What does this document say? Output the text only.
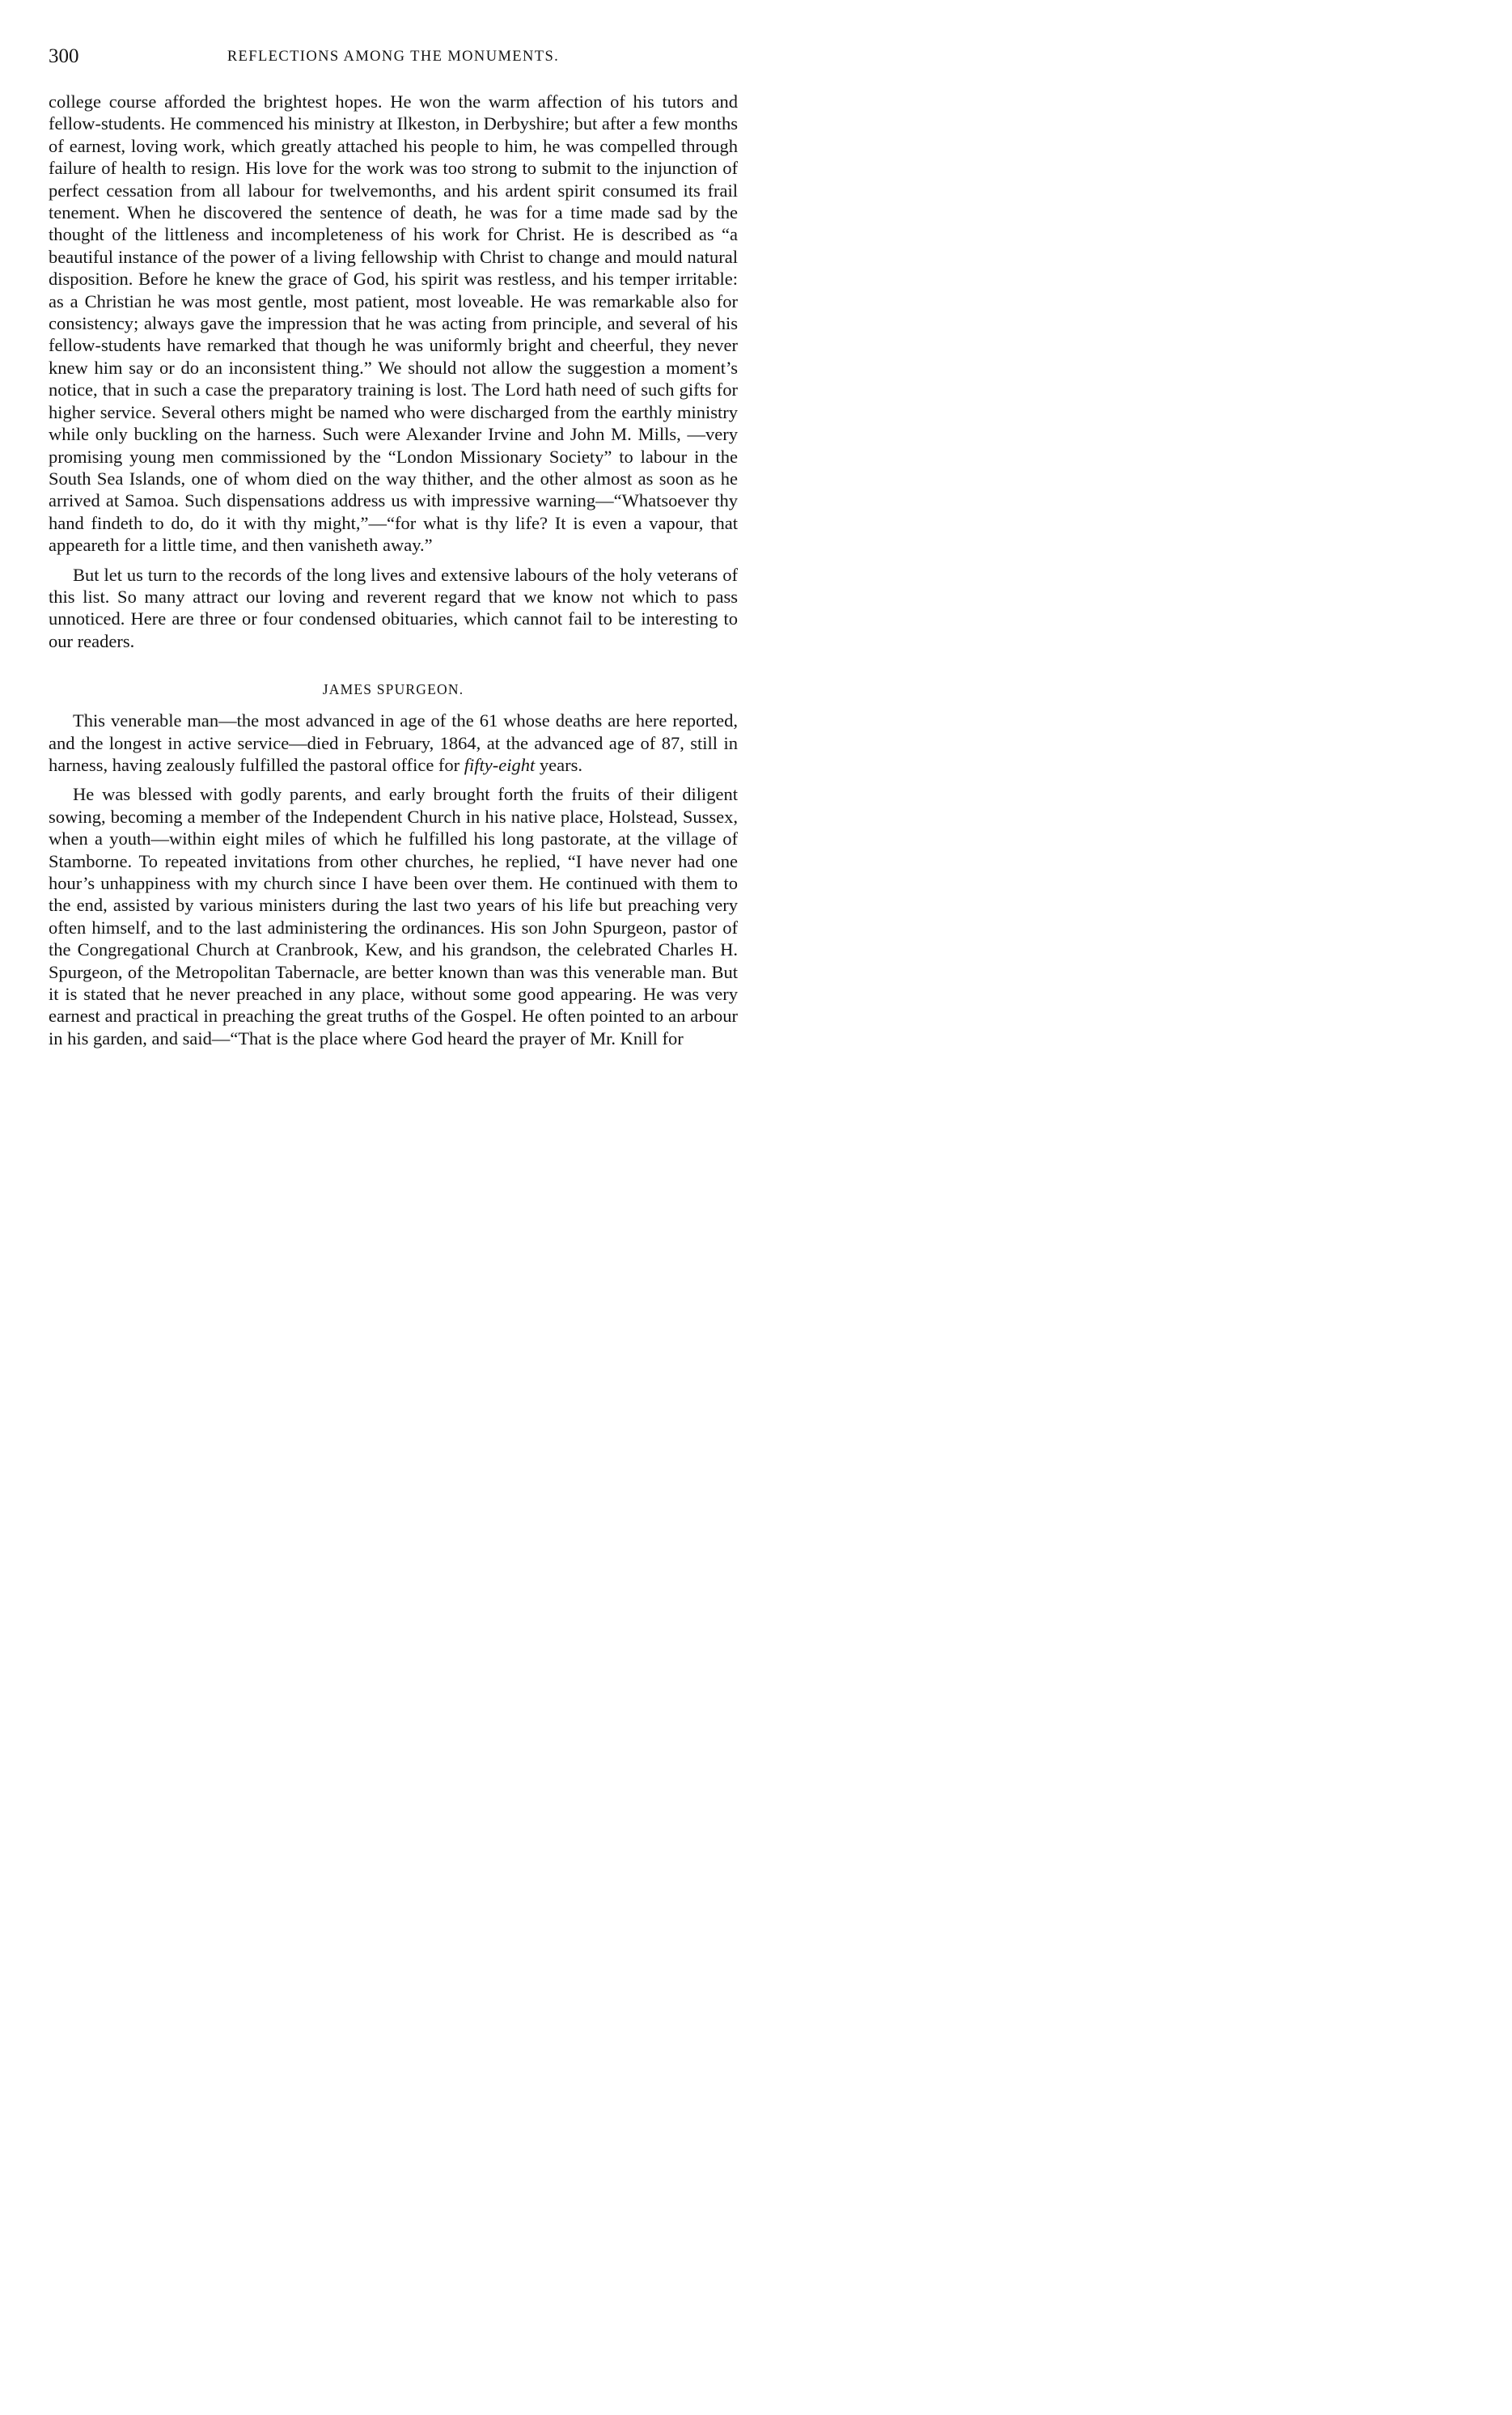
300	REFLECTIONS AMONG THE MONUMENTS.

college course afforded the brightest hopes. He won the warm affection of his tutors and fellow-students. He commenced his ministry at Ilkeston, in Derbyshire; but after a few months of earnest, loving work, which greatly attached his people to him, he was compelled through failure of health to resign. His love for the work was too strong to submit to the injunction of perfect cessation from all labour for twelvemonths, and his ardent spirit consumed its frail tenement. When he discovered the sentence of death, he was for a time made sad by the thought of the littleness and incompleteness of his work for Christ. He is described as “a beautiful instance of the power of a living fellowship with Christ to change and mould natural disposition. Before he knew the grace of God, his spirit was restless, and his temper irritable: as a Christian he was most gentle, most patient, most loveable. He was remarkable also for consistency; always gave the impression that he was acting from principle, and several of his fellow-students have remarked that though he was uniformly bright and cheerful, they never knew him say or do an inconsistent thing.” We should not allow the suggestion a moment’s notice, that in such a case the preparatory training is lost. The Lord hath need of such gifts for higher service. Several others might be named who were discharged from the earthly ministry while only buckling on the harness. Such were Alexander Irvine and John M. Mills, —very promising young men commissioned by the “London Missionary Society” to labour in the South Sea Islands, one of whom died on the way thither, and the other almost as soon as he arrived at Samoa. Such dispensations address us with impressive warning—“Whatsoever thy hand findeth to do, do it with thy might,”—“for what is thy life? It is even a vapour, that appeareth for a little time, and then vanisheth away.”

But let us turn to the records of the long lives and extensive labours of the holy veterans of this list. So many attract our loving and reverent regard that we know not which to pass unnoticed. Here are three or four condensed obituaries, which cannot fail to be interesting to our readers.

JAMES SPURGEON.

This venerable man—the most advanced in age of the 61 whose deaths are here reported, and the longest in active service—died in February, 1864, at the advanced age of 87, still in harness, having zealously fulfilled the pastoral office for fifty-eight years.

He was blessed with godly parents, and early brought forth the fruits of their diligent sowing, becoming a member of the Independent Church in his native place, Holstead, Sussex, when a youth—within eight miles of which he fulfilled his long pastorate, at the village of Stamborne. To repeated invitations from other churches, he replied, “I have never had one hour’s unhappiness with my church since I have been over them. He continued with them to the end, assisted by various ministers during the last two years of his life but preaching very often himself, and to the last administering the ordinances. His son John Spurgeon, pastor of the Congregational Church at Cranbrook, Kew, and his grandson, the celebrated Charles H. Spurgeon, of the Metropolitan Tabernacle, are better known than was this venerable man. But it is stated that he never preached in any place, without some good appearing. He was very earnest and practical in preaching the great truths of the Gospel. He often pointed to an arbour in his garden, and said—“That is the place where God heard the prayer of Mr. Knill for
